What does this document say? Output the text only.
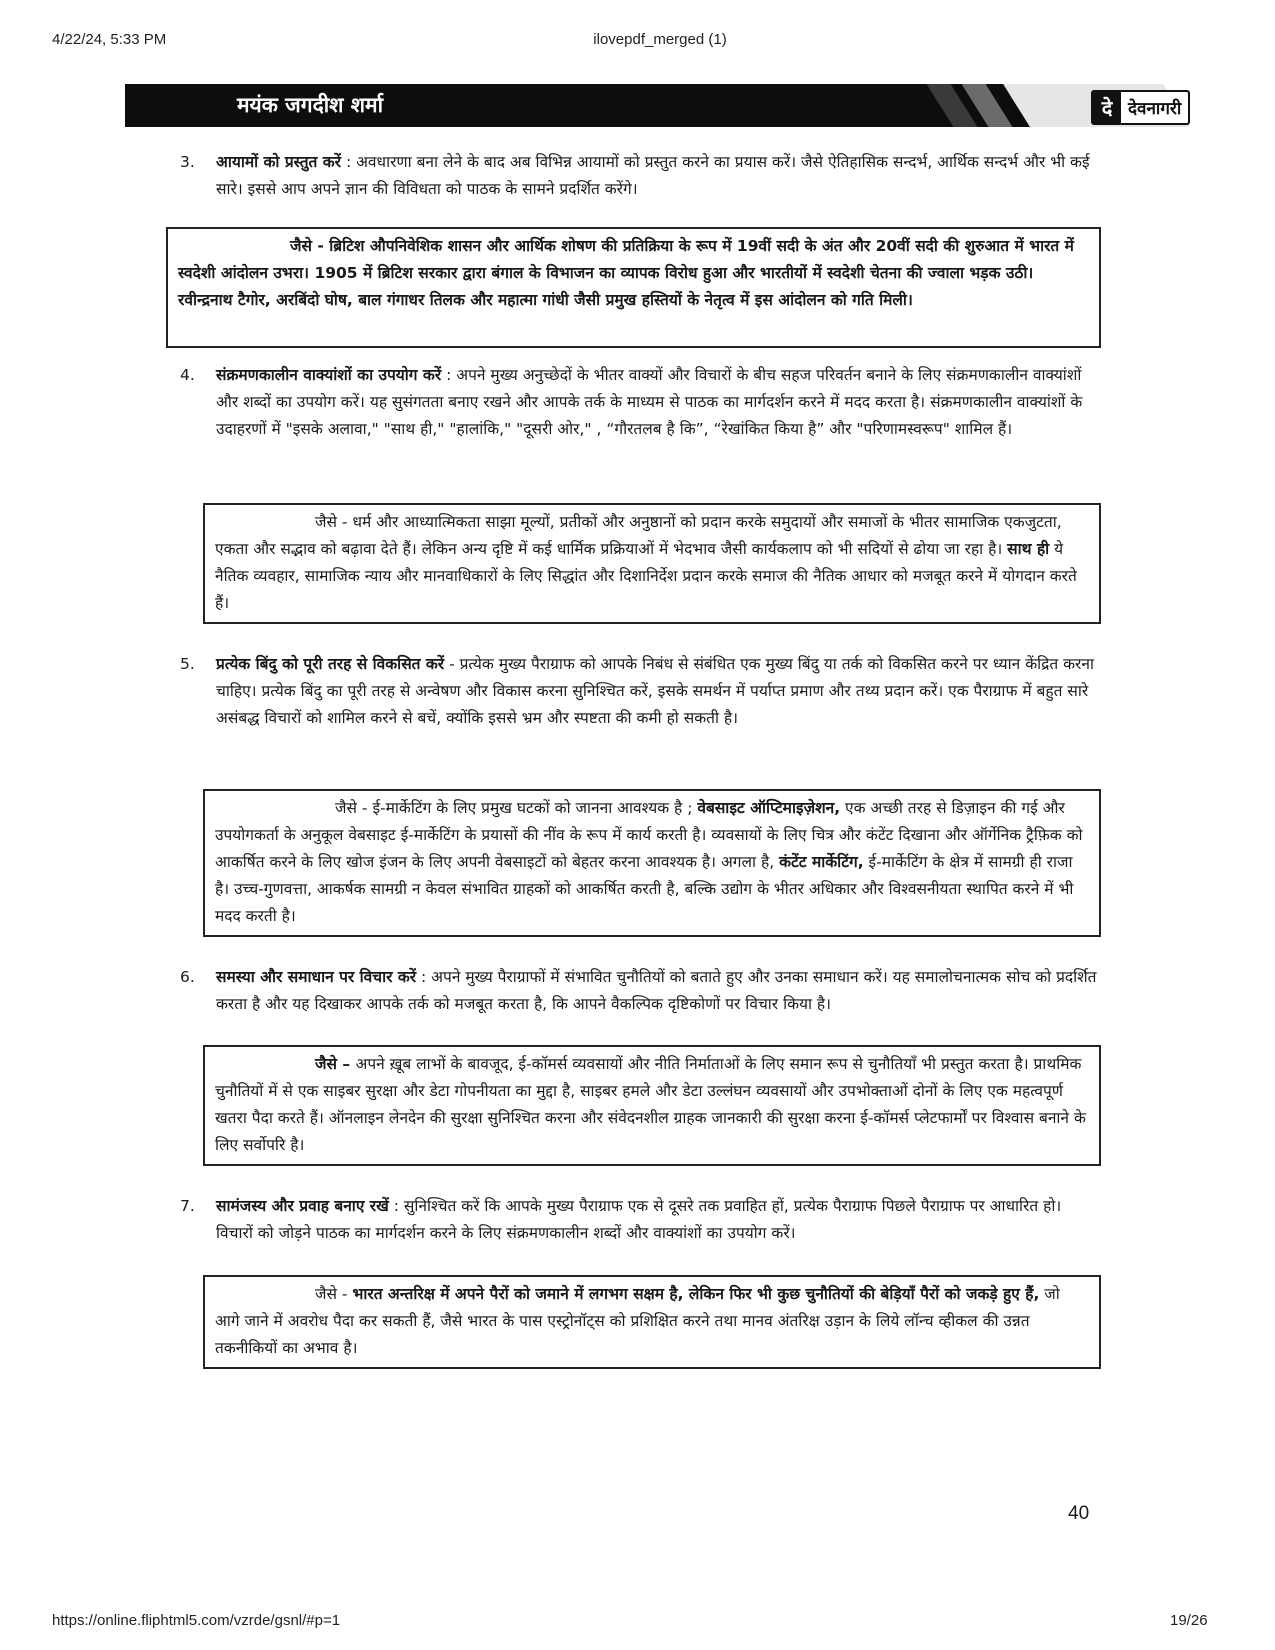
4/22/24, 5:33 PM	ilovepdf_merged (1)
मयंक जगदीश शर्मा	दे देवनागरी
3.	आयामों को प्रस्तुत करें : अवधारणा बना लेने के बाद अब विभिन्न आयामों को प्रस्तुत करने का प्रयास करें। जैसे ऐतिहासिक सन्दर्भ, आर्थिक सन्दर्भ और भी कई सारे। इससे आप अपने ज्ञान की विविधता को पाठक के सामने प्रदर्शित करेंगे।
जैसे - ब्रिटिश औपनिवेशिक शासन और आर्थिक शोषण की प्रतिक्रिया के रूप में 19वीं सदी के अंत और 20वीं सदी की शुरुआत में भारत में स्वदेशी आंदोलन उभरा। 1905 में ब्रिटिश सरकार द्वारा बंगाल के विभाजन का व्यापक विरोध हुआ और भारतीयों में स्वदेशी चेतना की ज्वाला भड़क उठी। रवीन्द्रनाथ टैगोर, अरबिंदो घोष, बाल गंगाधर तिलक और महात्मा गांधी जैसी प्रमुख हस्तियों के नेतृत्व में इस आंदोलन को गति मिली।
4.	संक्रमणकालीन वाक्यांशों का उपयोग करें : अपने मुख्य अनुच्छेदों के भीतर वाक्यों और विचारों के बीच सहज परिवर्तन बनाने के लिए संक्रमणकालीन वाक्यांशों और शब्दों का उपयोग करें। यह सुसंगतता बनाए रखने और आपके तर्क के माध्यम से पाठक का मार्गदर्शन करने में मदद करता है। संक्रमणकालीन वाक्यांशों के उदाहरणों में "इसके अलावा," "साथ ही," "हालांकि," "दूसरी ओर," , “गौरतलब है कि”, “रेखांकित किया है” और "परिणामस्वरूप" शामिल हैं।
जैसे - धर्म और आध्यात्मिकता साझा मूल्यों, प्रतीकों और अनुष्ठानों को प्रदान करके समुदायों और समाजों के भीतर सामाजिक एकजुटता, एकता और सद्भाव को बढ़ावा देते हैं। लेकिन अन्य दृष्टि में कई धार्मिक प्रक्रियाओं में भेदभाव जैसी कार्यकलाप को भी सदियों से ढोया जा रहा है। साथ ही ये नैतिक व्यवहार, सामाजिक न्याय और मानवाधिकारों के लिए सिद्धांत और दिशानिर्देश प्रदान करके समाज की नैतिक आधार को मजबूत करने में योगदान करते हैं।
5.	प्रत्येक बिंदु को पूरी तरह से विकसित करें - प्रत्येक मुख्य पैराग्राफ को आपके निबंध से संबंधित एक मुख्य बिंदु या तर्क को विकसित करने पर ध्यान केंद्रित करना चाहिए। प्रत्येक बिंदु का पूरी तरह से अन्वेषण और विकास करना सुनिश्चित करें, इसके समर्थन में पर्याप्त प्रमाण और तथ्य प्रदान करें। एक पैराग्राफ में बहुत सारे असंबद्ध विचारों को शामिल करने से बचें, क्योंकि इससे भ्रम और स्पष्टता की कमी हो सकती है।
जैसे - ई-मार्केटिंग के लिए प्रमुख घटकों को जानना आवश्यक है ; वेबसाइट ऑप्टिमाइज़ेशन, एक अच्छी तरह से डिज़ाइन की गई और उपयोगकर्ता के अनुकूल वेबसाइट ई-मार्केटिंग के प्रयासों की नींव के रूप में कार्य करती है। व्यवसायों के लिए चित्र और कंटेंट दिखाना और ऑर्गेनिक ट्रैफ़िक को आकर्षित करने के लिए खोज इंजन के लिए अपनी वेबसाइटों को बेहतर करना आवश्यक है। अगला है, कंटेंट मार्केटिंग, ई-मार्केटिंग के क्षेत्र में सामग्री ही राजा है। उच्च-गुणवत्ता, आकर्षक सामग्री न केवल संभावित ग्राहकों को आकर्षित करती है, बल्कि उद्योग के भीतर अधिकार और विश्वसनीयता स्थापित करने में भी मदद करती है।
6.	समस्या और समाधान पर विचार करें : अपने मुख्य पैराग्राफों में संभावित चुनौतियों को बताते हुए और उनका समाधान करें। यह समालोचनात्मक सोच को प्रदर्शित करता है और यह दिखाकर आपके तर्क को मजबूत करता है, कि आपने वैकल्पिक दृष्टिकोणों पर विचार किया है।
जैसे – अपने ख़ूब लाभों के बावजूद, ई-कॉमर्स व्यवसायों और नीति निर्माताओं के लिए समान रूप से चुनौतियाँ भी प्रस्तुत करता है। प्राथमिक चुनौतियों में से एक साइबर सुरक्षा और डेटा गोपनीयता का मुद्दा है, साइबर हमले और डेटा उल्लंघन व्यवसायों और उपभोक्ताओं दोनों के लिए एक महत्वपूर्ण खतरा पैदा करते हैं। ऑनलाइन लेनदेन की सुरक्षा सुनिश्चित करना और संवेदनशील ग्राहक जानकारी की सुरक्षा करना ई-कॉमर्स प्लेटफार्मों पर विश्वास बनाने के लिए सर्वोपरि है।
7.	सामंजस्य और प्रवाह बनाए रखें : सुनिश्चित करें कि आपके मुख्य पैराग्राफ एक से दूसरे तक प्रवाहित हों, प्रत्येक पैराग्राफ पिछले पैराग्राफ पर आधारित हो। विचारों को जोड़ने पाठक का मार्गदर्शन करने के लिए संक्रमणकालीन शब्दों और वाक्यांशों का उपयोग करें।
जैसे - भारत अन्तरिक्ष में अपने पैरों को जमाने में लगभग सक्षम है, लेकिन फिर भी कुछ चुनौतियों की बेड़ियाँ पैरों को जकड़े हुए हैं, जो आगे जाने में अवरोध पैदा कर सकती हैं, जैसे भारत के पास एस्ट्रोनॉट्स को प्रशिक्षित करने तथा मानव अंतरिक्ष उड़ान के लिये लॉन्च व्हीकल की उन्नत तकनीकियों का अभाव है।
40
https://online.fliphtml5.com/vzrde/gsnl/#p=1	19/26
